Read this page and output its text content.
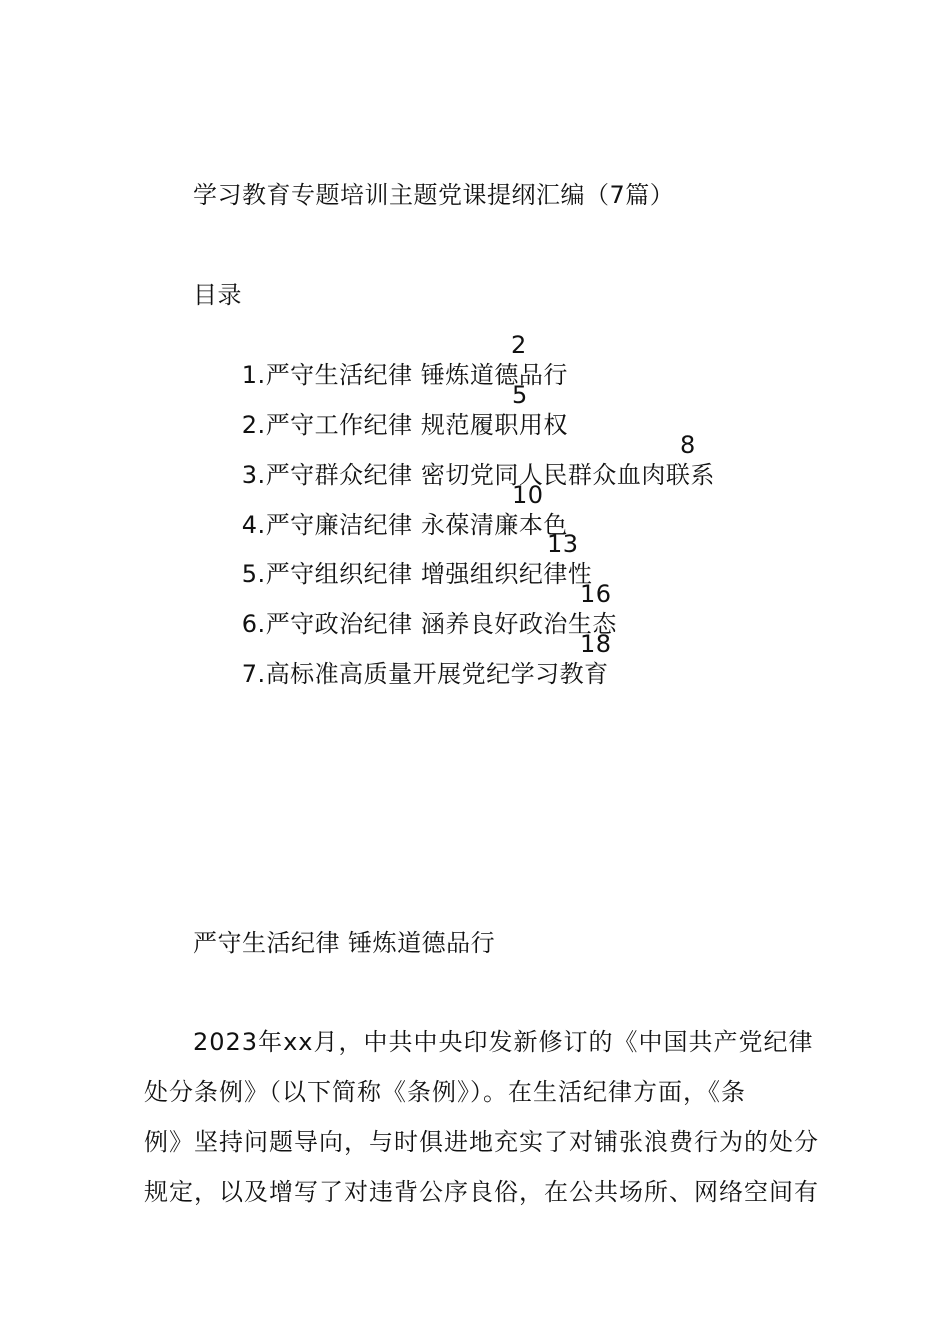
学习教育专题培训主题党课提纲汇编（7篇）
目录

1.严守生活纪律 锤炼道德品行

2

2.严守工作纪律 规范履职用权

5

3.严守群众纪律 密切党同人民群众血肉联系

8

4.严守廉洁纪律 永葆清廉本色

10

5.严守组织纪律 增强组织纪律性

13

6.严守政治纪律 涵养良好政治生态

16

7.高标准高质量开展党纪学习教育

18

严守生活纪律 锤炼道德品行
2023年xx月，中共中央印发新修订的《中国共产党纪律
处分条例》（以下简称《条例》）。在生活纪律方面，《条
例》坚持问题导向，与时俱进地充实了对铺张浪费行为的处分
规定，以及增写了对违背公序良俗，在公共场所、网络空间有
